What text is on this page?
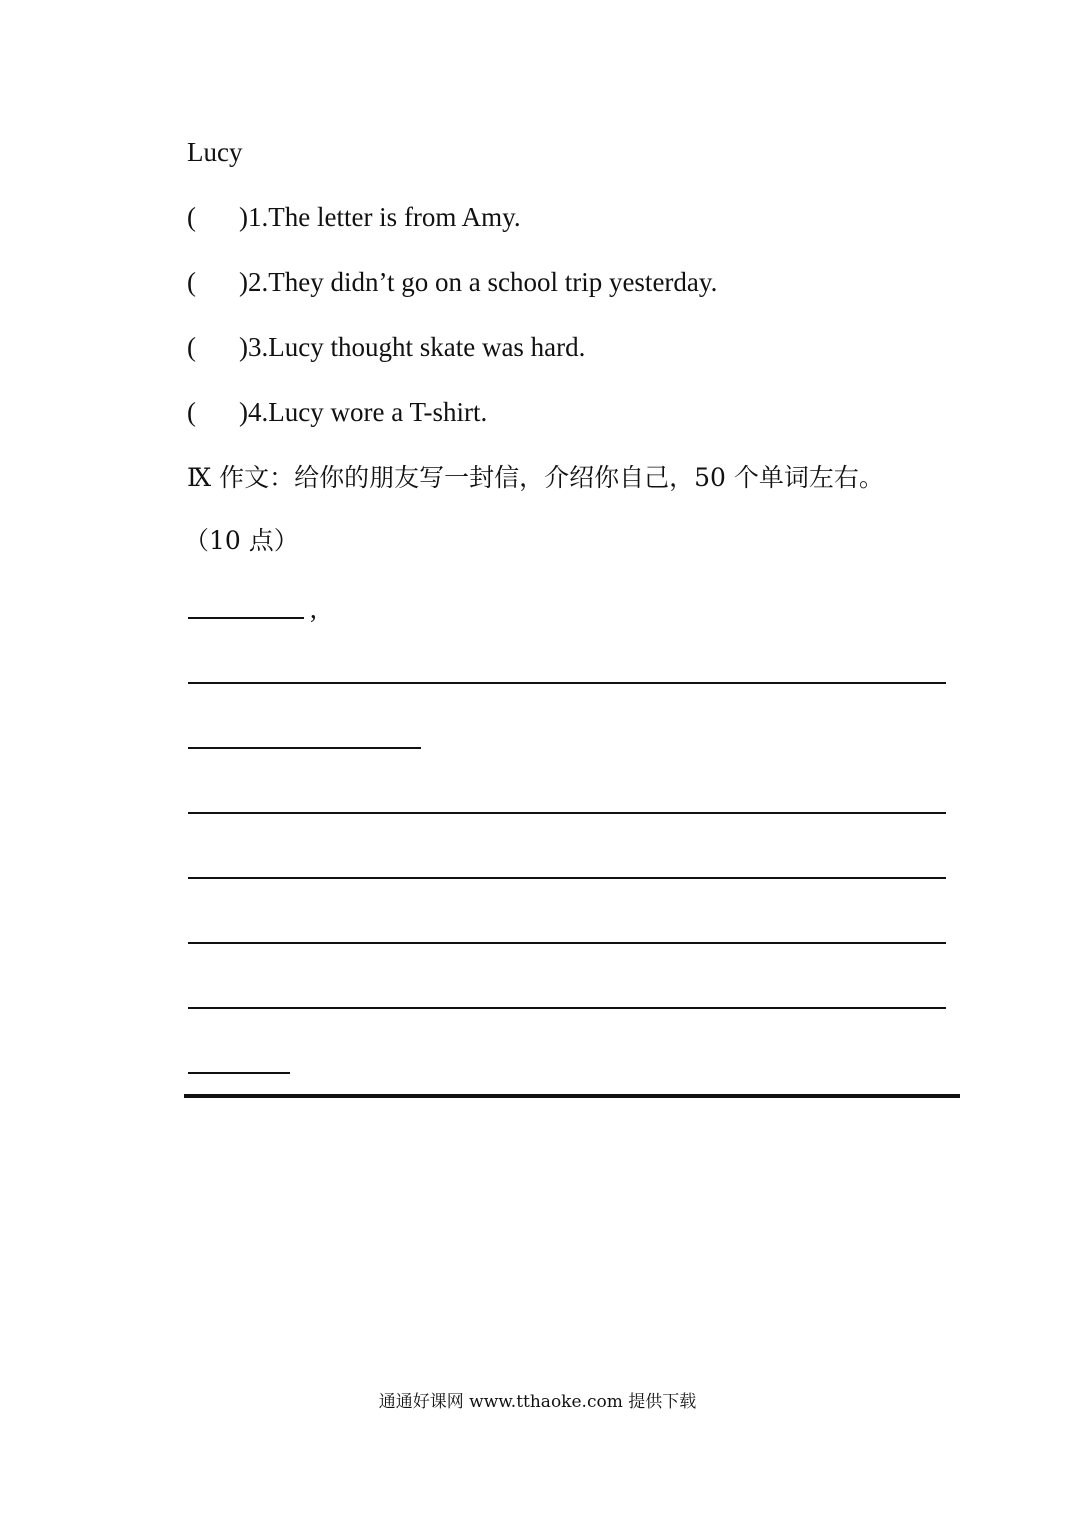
Lucy
( )1.The letter is from Amy.
( )2.They didn’t go on a school trip yesterday.
( )3.Lucy thought skate was hard.
( )4.Lucy wore a T-shirt.
Ⅸ 作文：给你的朋友写一封信，介绍你自己，50 个单词左右。
（10 点）
,
通通好课网 www.tthaoke.com 提供下载
